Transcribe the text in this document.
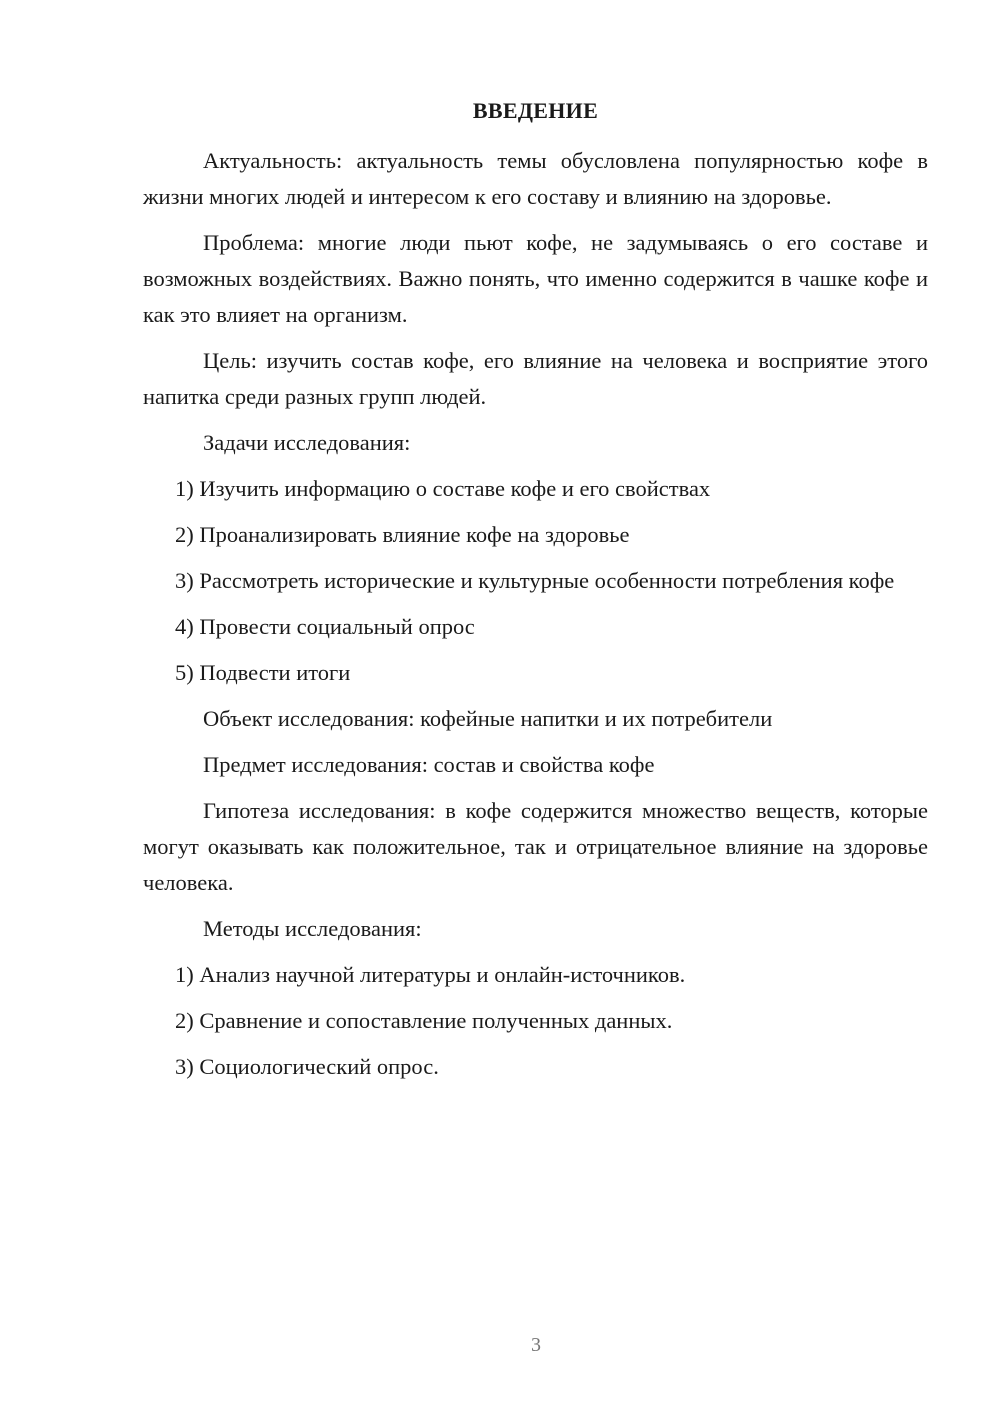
ВВЕДЕНИЕ

Актуальность: актуальность темы обусловлена популярностью кофе в жизни многих людей и интересом к его составу и влиянию на здоровье.

Проблема: многие люди пьют кофе, не задумываясь о его составе и возможных воздействиях. Важно понять, что именно содержится в чашке кофе и как это влияет на организм.

Цель: изучить состав кофе, его влияние на человека и восприятие этого напитка среди разных групп людей.

Задачи исследования:

1) Изучить информацию о составе кофе и его свойствах

2) Проанализировать влияние кофе на здоровье

3) Рассмотреть исторические и культурные особенности потребления кофе

4) Провести социальный опрос

5) Подвести итоги

Объект исследования: кофейные напитки и их потребители

Предмет исследования: состав и свойства кофе

Гипотеза исследования: в кофе содержится множество веществ, которые могут оказывать как положительное, так и отрицательное влияние на здоровье человека.

Методы исследования:

1) Анализ научной литературы и онлайн-источников.

2) Сравнение и сопоставление полученных данных.

3) Социологический опрос.

3
